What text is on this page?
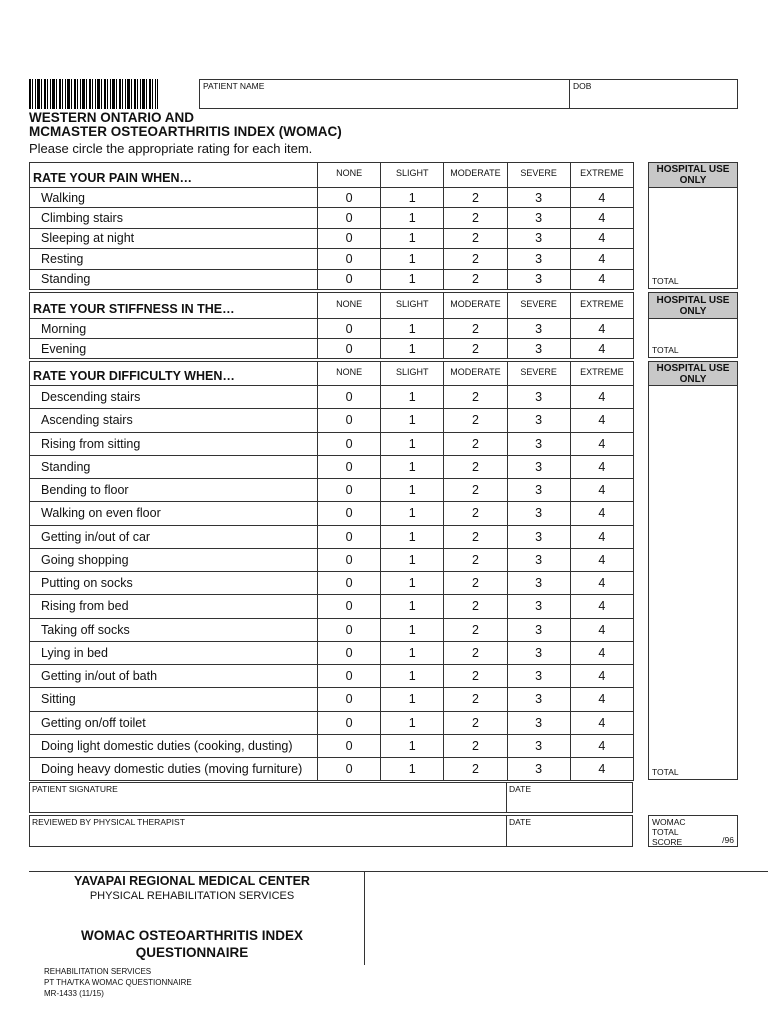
PATIENT NAME	DOB
WESTERN ONTARIO AND
MCMASTER OSTEOARTHRITIS INDEX (WOMAC)
Please circle the appropriate rating for each item.
RATE YOUR PAIN WHEN…	NONE	SLIGHT	MODERATE	SEVERE	EXTREME
Walking	0	1	2	3	4
Climbing stairs	0	1	2	3	4
Sleeping at night	0	1	2	3	4
Resting	0	1	2	3	4
Standing	0	1	2	3	4
RATE YOUR STIFFNESS IN THE…	NONE	SLIGHT	MODERATE	SEVERE	EXTREME
Morning	0	1	2	3	4
Evening	0	1	2	3	4
RATE YOUR DIFFICULTY WHEN…	NONE	SLIGHT	MODERATE	SEVERE	EXTREME
Descending stairs	0	1	2	3	4
Ascending stairs	0	1	2	3	4
Rising from sitting	0	1	2	3	4
Standing	0	1	2	3	4
Bending to floor	0	1	2	3	4
Walking on even floor	0	1	2	3	4
Getting in/out of car	0	1	2	3	4
Going shopping	0	1	2	3	4
Putting on socks	0	1	2	3	4
Rising from bed	0	1	2	3	4
Taking off socks	0	1	2	3	4
Lying in bed	0	1	2	3	4
Getting in/out of bath	0	1	2	3	4
Sitting	0	1	2	3	4
Getting on/off toilet	0	1	2	3	4
Doing light domestic duties (cooking, dusting)	0	1	2	3	4
Doing heavy domestic duties (moving furniture)	0	1	2	3	4
HOSPITAL USE ONLY
TOTAL
HOSPITAL USE ONLY
TOTAL
HOSPITAL USE ONLY
TOTAL
PATIENT SIGNATURE	DATE
REVIEWED BY PHYSICAL THERAPIST	DATE	WOMAC
TOTAL
SCORE	/96
YAVAPAI REGIONAL MEDICAL CENTER
PHYSICAL REHABILITATION SERVICES
WOMAC OSTEOARTHRITIS INDEX
QUESTIONNAIRE
REHABILITATION SERVICES
PT THA/TKA WOMAC QUESTIONNAIRE
MR-1433 (11/15)
